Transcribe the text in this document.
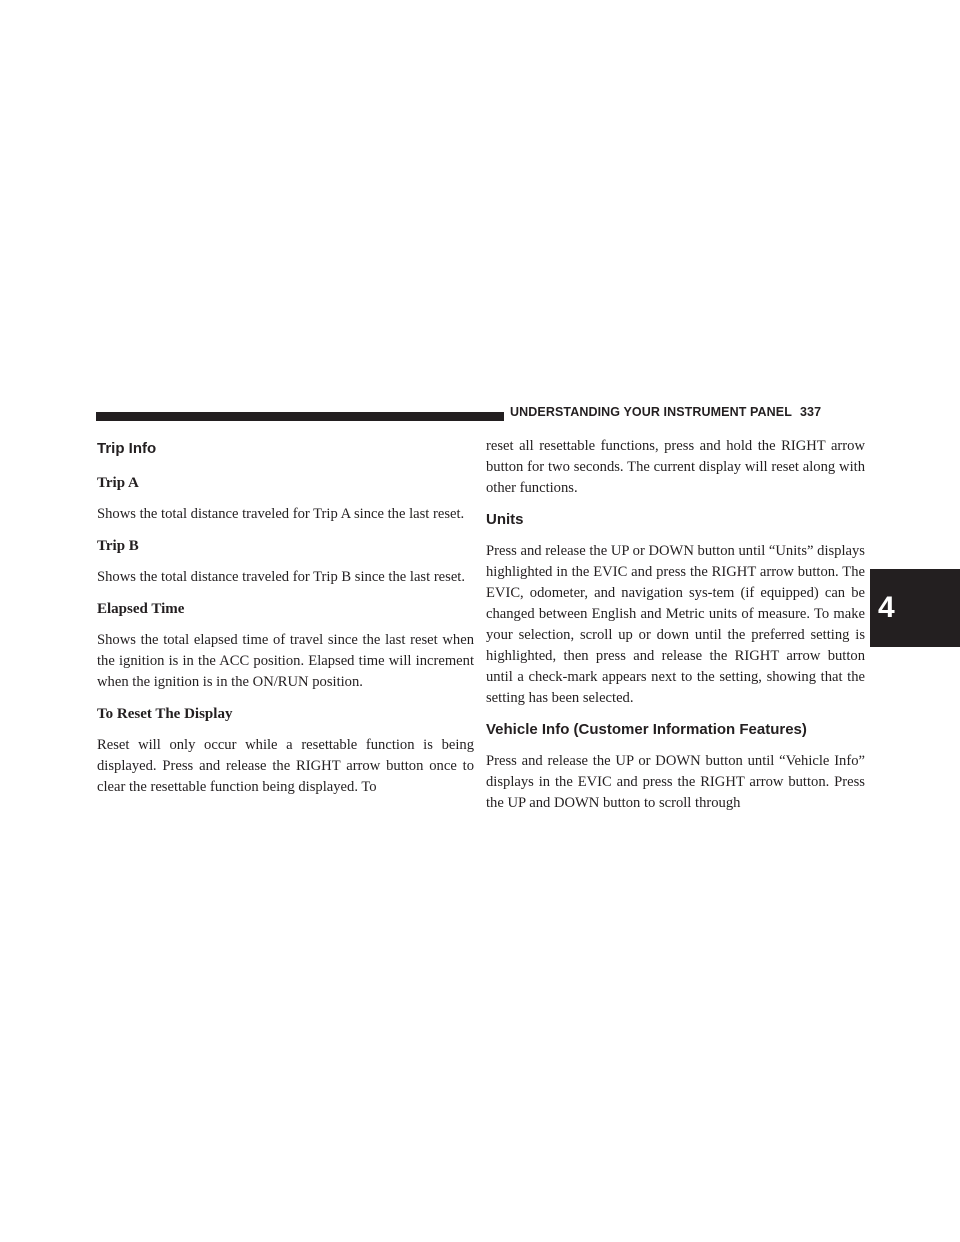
UNDERSTANDING YOUR INSTRUMENT PANEL 337
4
Trip Info
Trip A

Shows the total distance traveled for Trip A since the last reset.

Trip B

Shows the total distance traveled for Trip B since the last reset.

Elapsed Time

Shows the total elapsed time of travel since the last reset when the ignition is in the ACC position. Elapsed time will increment when the ignition is in the ON/RUN position.

To Reset The Display

Reset will only occur while a resettable function is being displayed. Press and release the RIGHT arrow button once to clear the resettable function being displayed. To

reset all resettable functions, press and hold the RIGHT arrow button for two seconds. The current display will reset along with other functions.

Units

Press and release the UP or DOWN button until “Units” displays highlighted in the EVIC and press the RIGHT arrow button. The EVIC, odometer, and navigation sys-tem (if equipped) can be changed between English and Metric units of measure. To make your selection, scroll up or down until the preferred setting is highlighted, then press and release the RIGHT arrow button until a check-mark appears next to the setting, showing that the setting has been selected.

Vehicle Info (Customer Information Features)

Press and release the UP or DOWN button until “Vehicle Info” displays in the EVIC and press the RIGHT arrow button. Press the UP and DOWN button to scroll through
